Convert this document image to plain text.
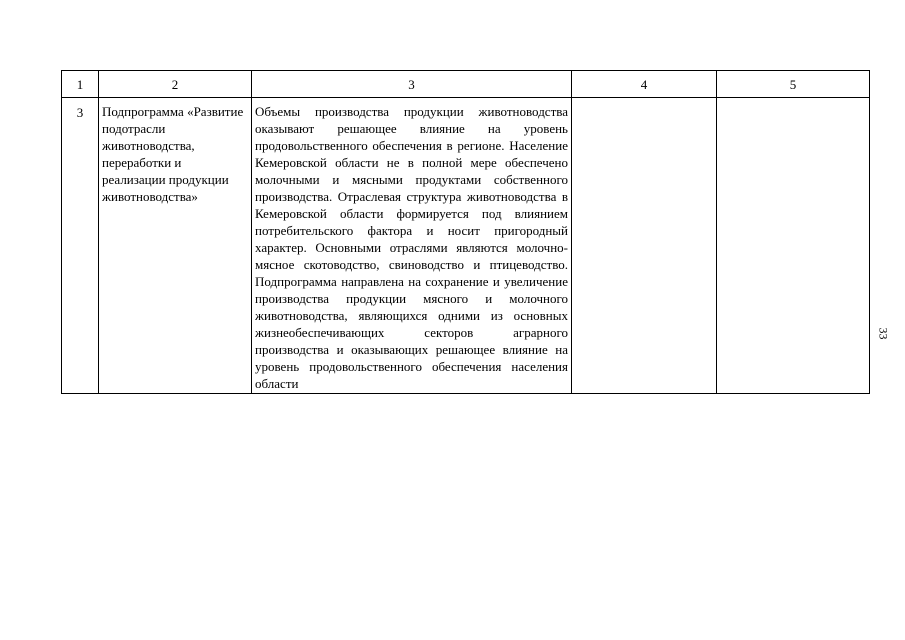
1	2	3	4	5
3	Подпрограмма «Развитие подотрасли животноводства, переработки и реализации продукции животноводства»	Объемы производства продукции животноводства оказывают решающее влияние на уровень продовольственного обеспечения в регионе. Население Кемеровской области не в полной мере обеспечено молочными и мясными продуктами собственного производства. Отраслевая структура животноводства в Кемеровской области формируется под влиянием потребительского фактора и носит пригородный характер. Основными отраслями являются молочно-мясное скотоводство, свиноводство и птицеводство. Подпрограмма направлена на сохранение и увеличение производства продукции мясного и молочного животноводства, являющихся одними из основных жизнеобеспечивающих секторов аграрного производства и оказывающих решающее влияние на уровень продовольственного обеспечения населения области		
33
